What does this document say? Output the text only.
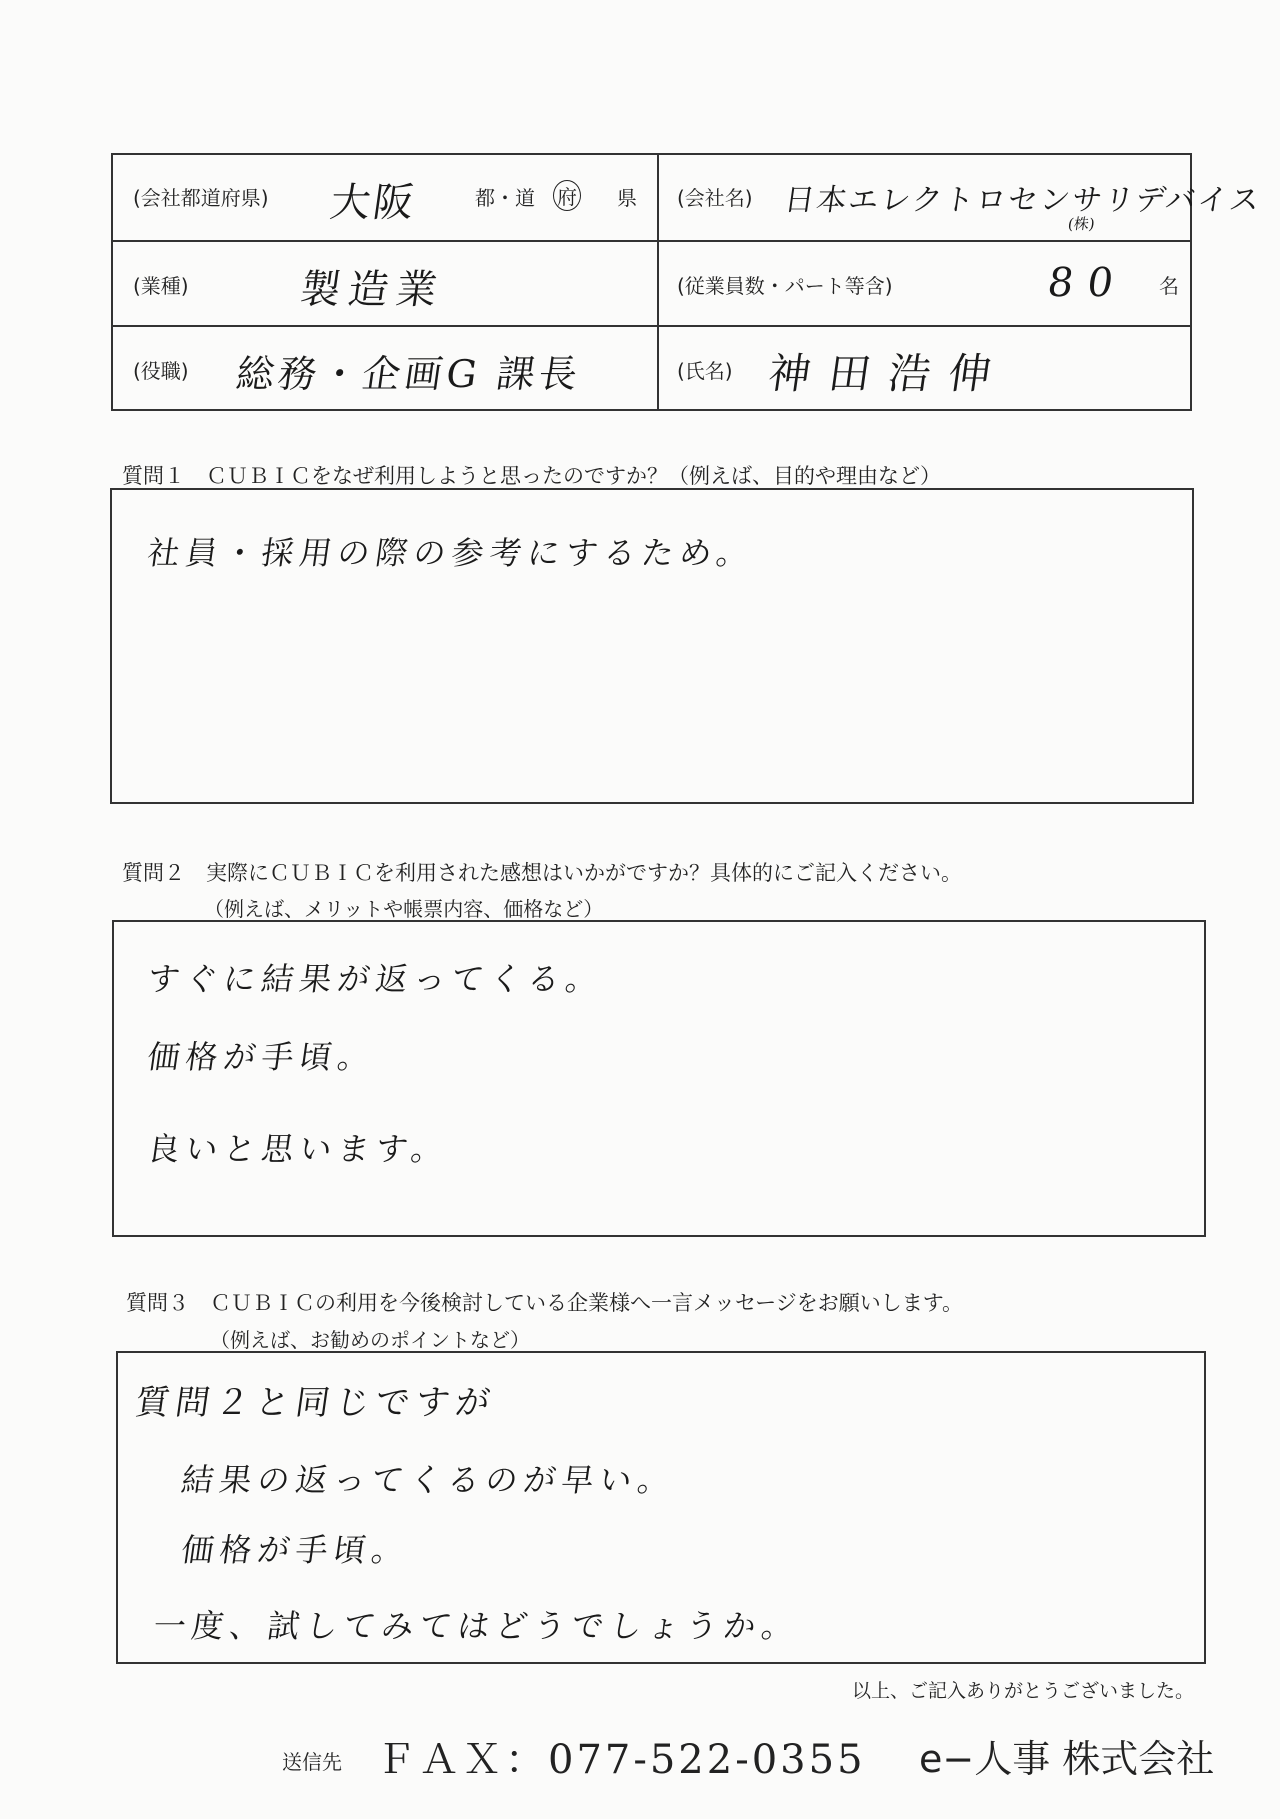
(会社都道府県) 大阪	都・道 府 県 (会社名) 日本エレクトロセンサリデバイス
(株)
(業種)	製造業	(従業員数・パート等含)	80 名
(役職) 総務・企画G 課長	(氏名) 神田浩伸
質問１　ＣＵＢＩＣをなぜ利用しようと思ったのですか？（例えば、目的や理由など）
社員・採用の際の参考にするため。
質問２　実際にＣＵＢＩＣを利用された感想はいかがですか？具体的にご記入ください。
（例えば、メリットや帳票内容、価格など）
すぐに結果が返ってくる。
価格が手頃。
良いと思います。
質問３　ＣＵＢＩＣの利用を今後検討している企業様へ一言メッセージをお願いします。
（例えば、お勧めのポイントなど）
質問２と同じですが
結果の返ってくるのが早い。
価格が手頃。
一度、試してみてはどうでしょうか。
以上、ご記入ありがとうございました。
送信先 ＦＡＸ：077-522-0355 e−人事 株式会社
